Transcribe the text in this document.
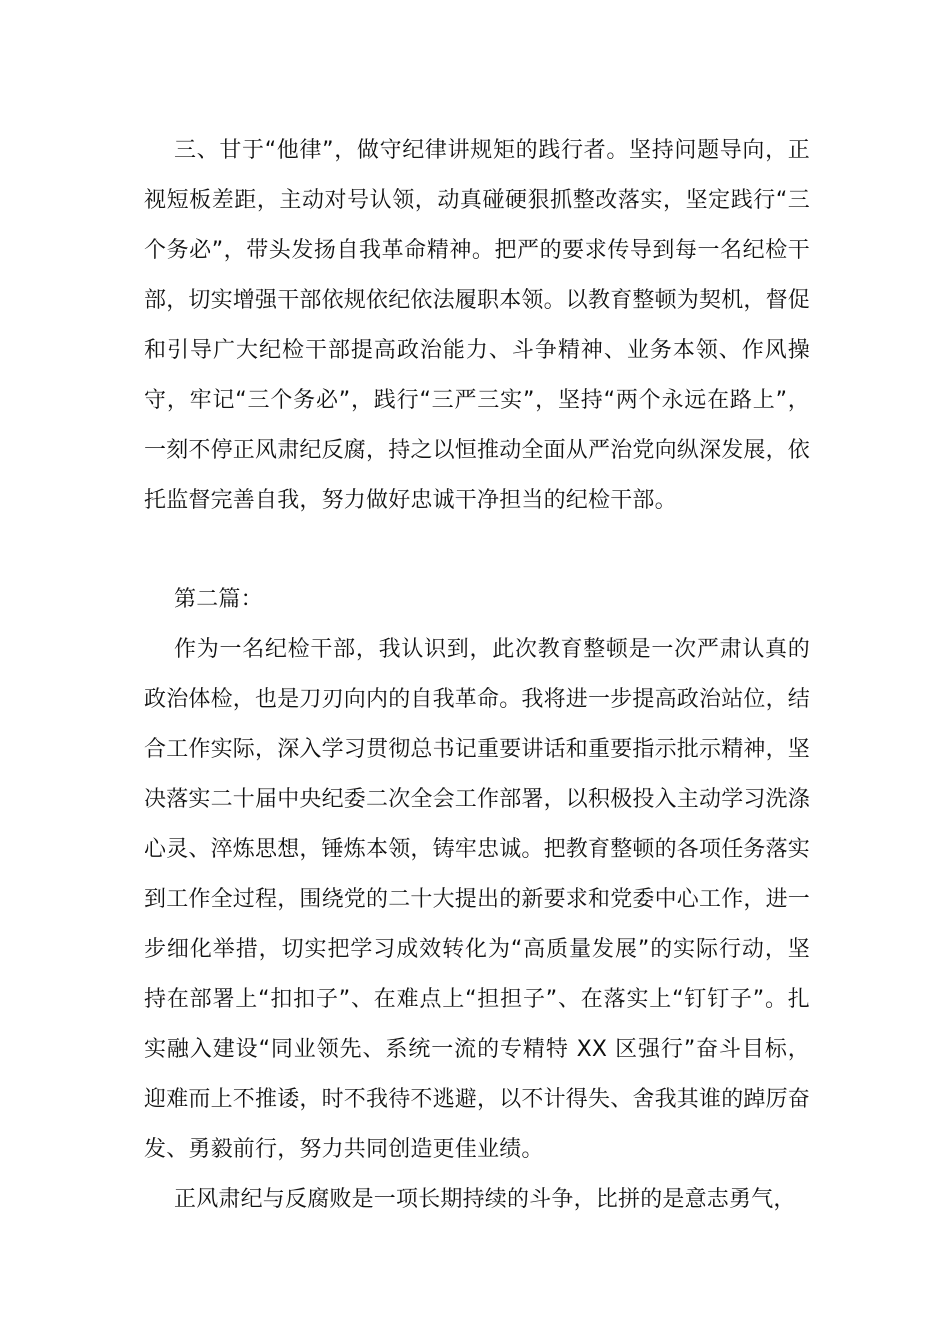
三、甘于“他律”，做守纪律讲规矩的践行者。坚持问题导向，正视短板差距，主动对号认领，动真碰硬狠抓整改落实，坚定践行“三个务必”，带头发扬自我革命精神。把严的要求传导到每一名纪检干部，切实增强干部依规依纪依法履职本领。以教育整顿为契机，督促和引导广大纪检干部提高政治能力、斗争精神、业务本领、作风操守，牢记“三个务必”，践行“三严三实”，坚持“两个永远在路上”，一刻不停正风肃纪反腐，持之以恒推动全面从严治党向纵深发展，依托监督完善自我，努力做好忠诚干净担当的纪检干部。

第二篇：

作为一名纪检干部，我认识到，此次教育整顿是一次严肃认真的政治体检，也是刀刃向内的自我革命。我将进一步提高政治站位，结合工作实际，深入学习贯彻总书记重要讲话和重要指示批示精神，坚决落实二十届中央纪委二次全会工作部署，以积极投入主动学习洗涤心灵、淬炼思想，锤炼本领，铸牢忠诚。把教育整顿的各项任务落实到工作全过程，围绕党的二十大提出的新要求和党委中心工作，进一步细化举措，切实把学习成效转化为“高质量发展”的实际行动，坚持在部署上“扣扣子”、在难点上“担担子”、在落实上“钉钉子”。扎实融入建设“同业领先、系统一流的专精特 XX 区强行”奋斗目标，迎难而上不推诿，时不我待不逃避，以不计得失、舍我其谁的踔厉奋发、勇毅前行，努力共同创造更佳业绩。

正风肃纪与反腐败是一项长期持续的斗争，比拼的是意志勇气，
